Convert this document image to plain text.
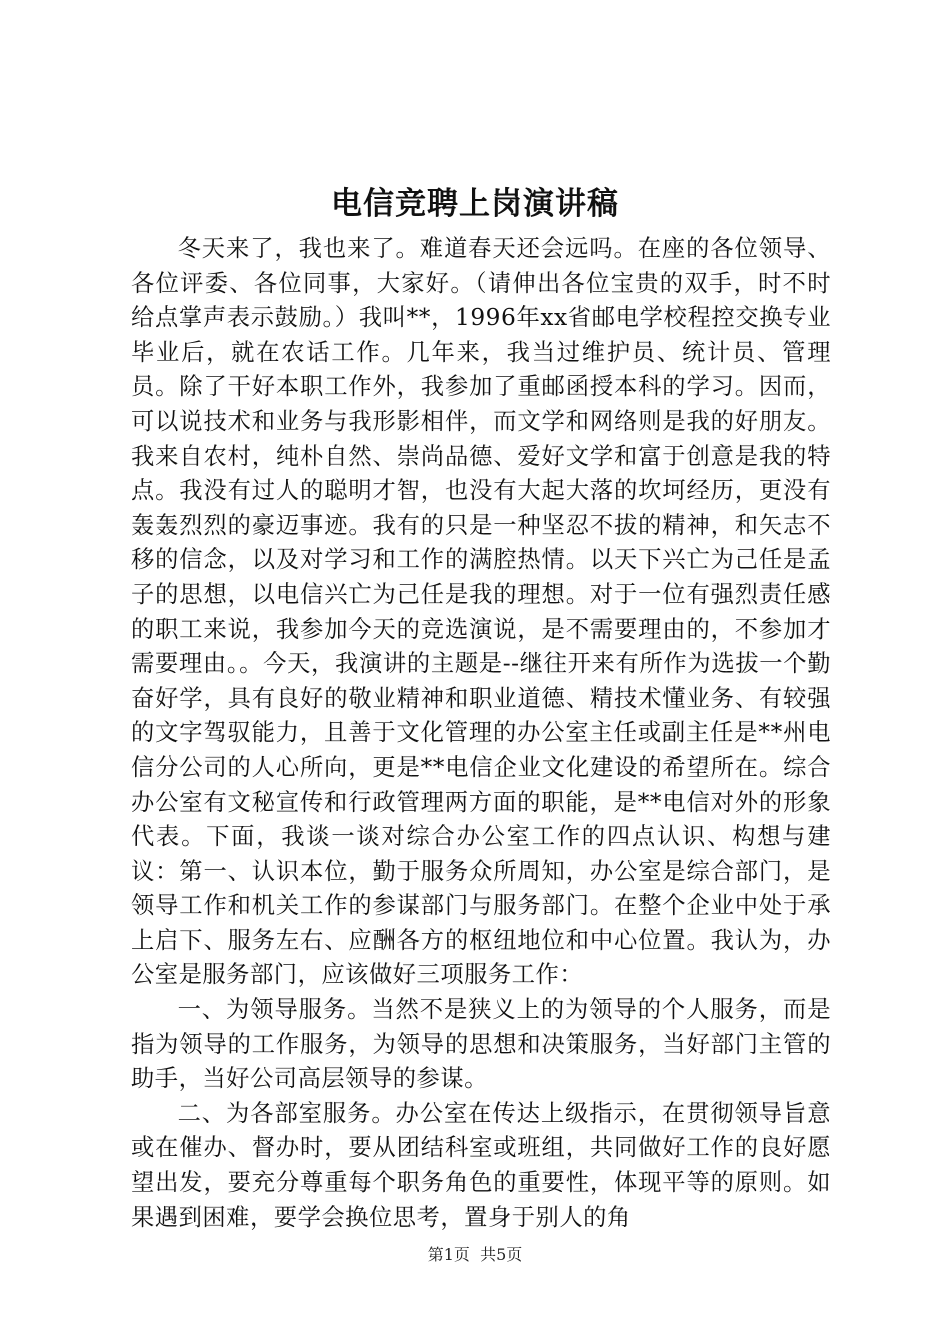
电信竞聘上岗演讲稿

冬天来了，我也来了。难道春天还会远吗。在座的各位领导、各位评委、各位同事，大家好。（请伸出各位宝贵的双手，时不时给点掌声表示鼓励。）我叫**，1996年xx省邮电学校程控交换专业毕业后，就在农话工作。几年来，我当过维护员、统计员、管理员。除了干好本职工作外，我参加了重邮函授本科的学习。因而，可以说技术和业务与我形影相伴，而文学和网络则是我的好朋友。我来自农村，纯朴自然、崇尚品德、爱好文学和富于创意是我的特点。我没有过人的聪明才智，也没有大起大落的坎坷经历，更没有轰轰烈烈的豪迈事迹。我有的只是一种坚忍不拔的精神，和矢志不移的信念，以及对学习和工作的满腔热情。以天下兴亡为己任是孟子的思想，以电信兴亡为己任是我的理想。对于一位有强烈责任感的职工来说，我参加今天的竞选演说，是不需要理由的，不参加才需要理由。。今天，我演讲的主题是--继往开来有所作为选拔一个勤奋好学，具有良好的敬业精神和职业道德、精技术懂业务、有较强的文字驾驭能力，且善于文化管理的办公室主任或副主任是**州电信分公司的人心所向，更是**电信企业文化建设的希望所在。综合办公室有文秘宣传和行政管理两方面的职能，是**电信对外的形象代表。下面，我谈一谈对综合办公室工作的四点认识、构想与建议：第一、认识本位，勤于服务众所周知，办公室是综合部门，是领导工作和机关工作的参谋部门与服务部门。在整个企业中处于承上启下、服务左右、应酬各方的枢纽地位和中心位置。我认为，办公室是服务部门，应该做好三项服务工作：

一、为领导服务。当然不是狭义上的为领导的个人服务，而是指为领导的工作服务，为领导的思想和决策服务，当好部门主管的助手，当好公司高层领导的参谋。

二、为各部室服务。办公室在传达上级指示，在贯彻领导旨意或在催办、督办时，要从团结科室或班组，共同做好工作的良好愿望出发，要充分尊重每个职务角色的重要性，体现平等的原则。如果遇到困难，要学会换位思考，置身于别人的角

第1页 共5页
